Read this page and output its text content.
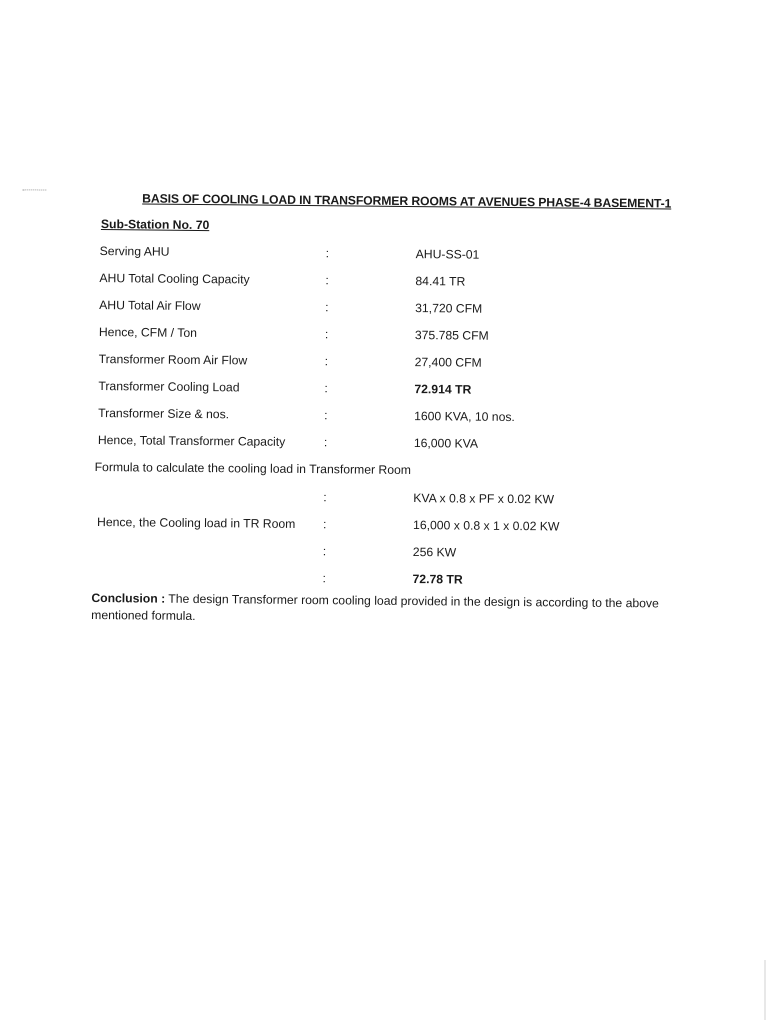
BASIS OF COOLING LOAD IN TRANSFORMER ROOMS AT AVENUES PHASE-4 BASEMENT-1
Sub-Station No. 70
Serving AHU	:	AHU-SS-01
AHU Total Cooling Capacity	:	84.41 TR
AHU Total Air Flow	:	31,720 CFM
Hence, CFM / Ton	:	375.785 CFM
Transformer Room Air Flow	:	27,400 CFM
Transformer Cooling Load	:	72.914 TR
Transformer Size & nos.	:	1600 KVA, 10 nos.
Hence, Total Transformer Capacity	:	16,000 KVA
Formula to calculate the cooling load in Transformer Room
:	KVA x 0.8 x PF x 0.02 KW
Hence, the Cooling load in TR Room :	16,000 x 0.8 x 1 x 0.02 KW
:	256 KW
:	72.78 TR
Conclusion : The design Transformer room cooling load provided in the design is according to the above mentioned formula.
